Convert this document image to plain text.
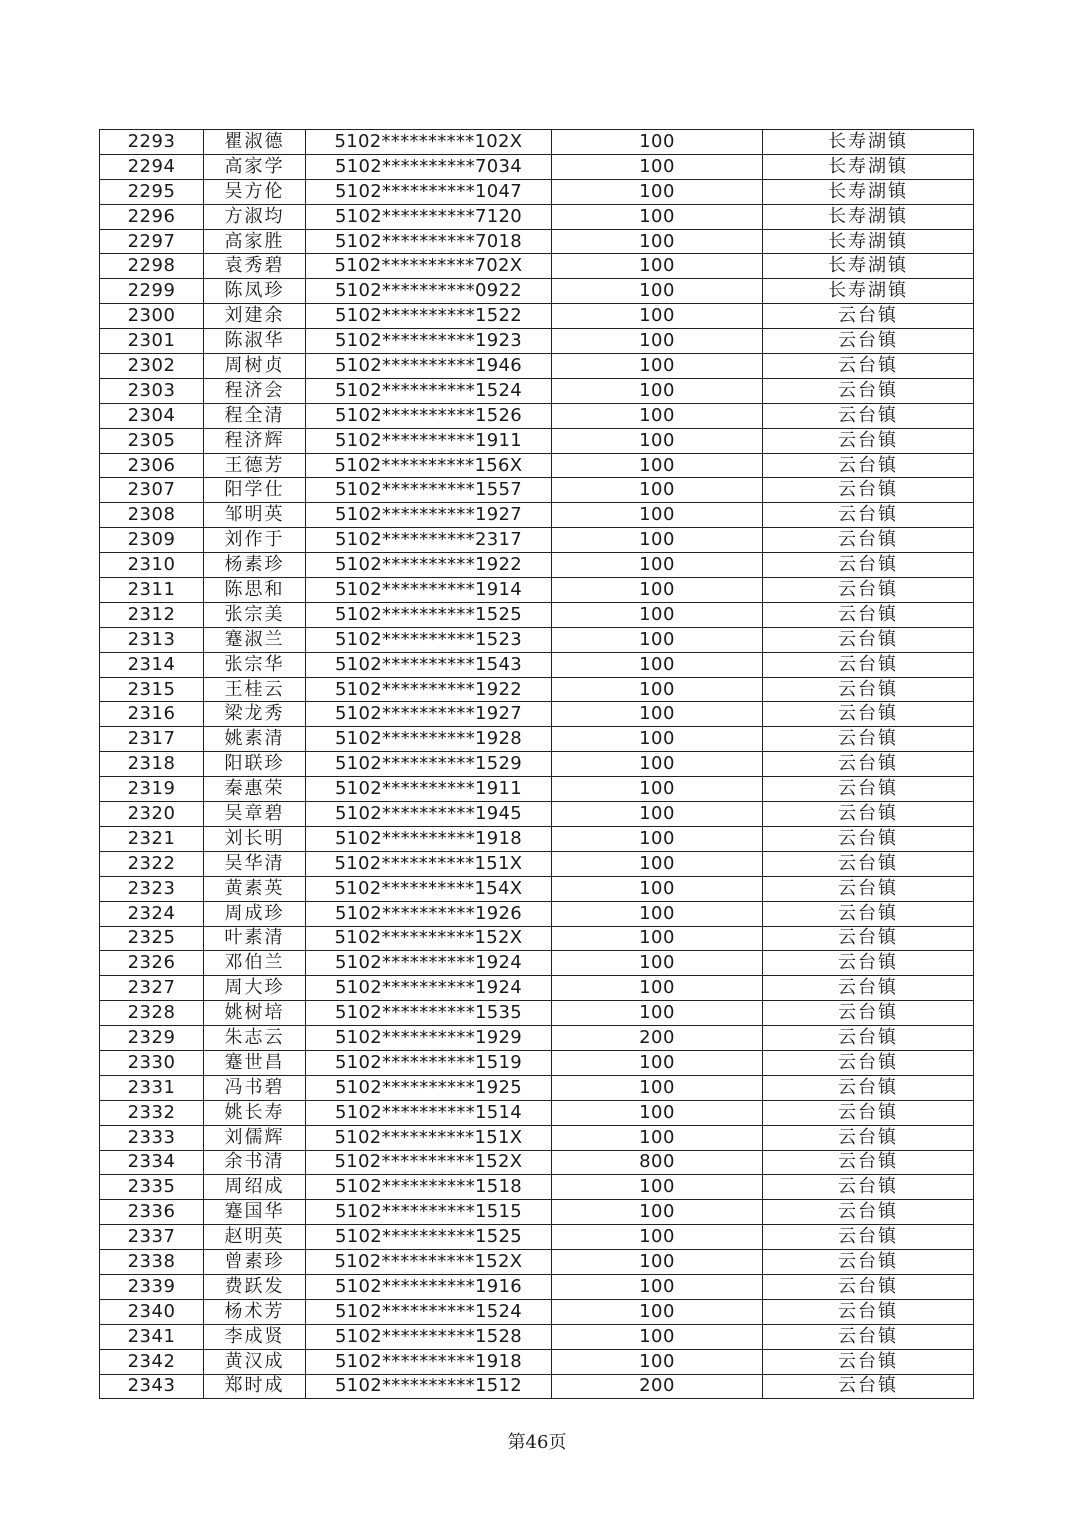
2293	瞿淑德	5102**********102X	100	长寿湖镇
2294	高家学	5102**********7034	100	长寿湖镇
2295	吴方伦	5102**********1047	100	长寿湖镇
2296	方淑均	5102**********7120	100	长寿湖镇
2297	高家胜	5102**********7018	100	长寿湖镇
2298	袁秀碧	5102**********702X	100	长寿湖镇
2299	陈凤珍	5102**********0922	100	长寿湖镇
2300	刘建余	5102**********1522	100	云台镇
2301	陈淑华	5102**********1923	100	云台镇
2302	周树贞	5102**********1946	100	云台镇
2303	程济会	5102**********1524	100	云台镇
2304	程全清	5102**********1526	100	云台镇
2305	程济辉	5102**********1911	100	云台镇
2306	王德芳	5102**********156X	100	云台镇
2307	阳学仕	5102**********1557	100	云台镇
2308	邹明英	5102**********1927	100	云台镇
2309	刘作于	5102**********2317	100	云台镇
2310	杨素珍	5102**********1922	100	云台镇
2311	陈思和	5102**********1914	100	云台镇
2312	张宗美	5102**********1525	100	云台镇
2313	蹇淑兰	5102**********1523	100	云台镇
2314	张宗华	5102**********1543	100	云台镇
2315	王桂云	5102**********1922	100	云台镇
2316	梁龙秀	5102**********1927	100	云台镇
2317	姚素清	5102**********1928	100	云台镇
2318	阳联珍	5102**********1529	100	云台镇
2319	秦惠荣	5102**********1911	100	云台镇
2320	吴章碧	5102**********1945	100	云台镇
2321	刘长明	5102**********1918	100	云台镇
2322	吴华清	5102**********151X	100	云台镇
2323	黄素英	5102**********154X	100	云台镇
2324	周成珍	5102**********1926	100	云台镇
2325	叶素清	5102**********152X	100	云台镇
2326	邓伯兰	5102**********1924	100	云台镇
2327	周大珍	5102**********1924	100	云台镇
2328	姚树培	5102**********1535	100	云台镇
2329	朱志云	5102**********1929	200	云台镇
2330	蹇世昌	5102**********1519	100	云台镇
2331	冯书碧	5102**********1925	100	云台镇
2332	姚长寿	5102**********1514	100	云台镇
2333	刘儒辉	5102**********151X	100	云台镇
2334	余书清	5102**********152X	800	云台镇
2335	周绍成	5102**********1518	100	云台镇
2336	蹇国华	5102**********1515	100	云台镇
2337	赵明英	5102**********1525	100	云台镇
2338	曾素珍	5102**********152X	100	云台镇
2339	费跃发	5102**********1916	100	云台镇
2340	杨术芳	5102**********1524	100	云台镇
2341	李成贤	5102**********1528	100	云台镇
2342	黄汉成	5102**********1918	100	云台镇
2343	郑时成	5102**********1512	200	云台镇
第46页
